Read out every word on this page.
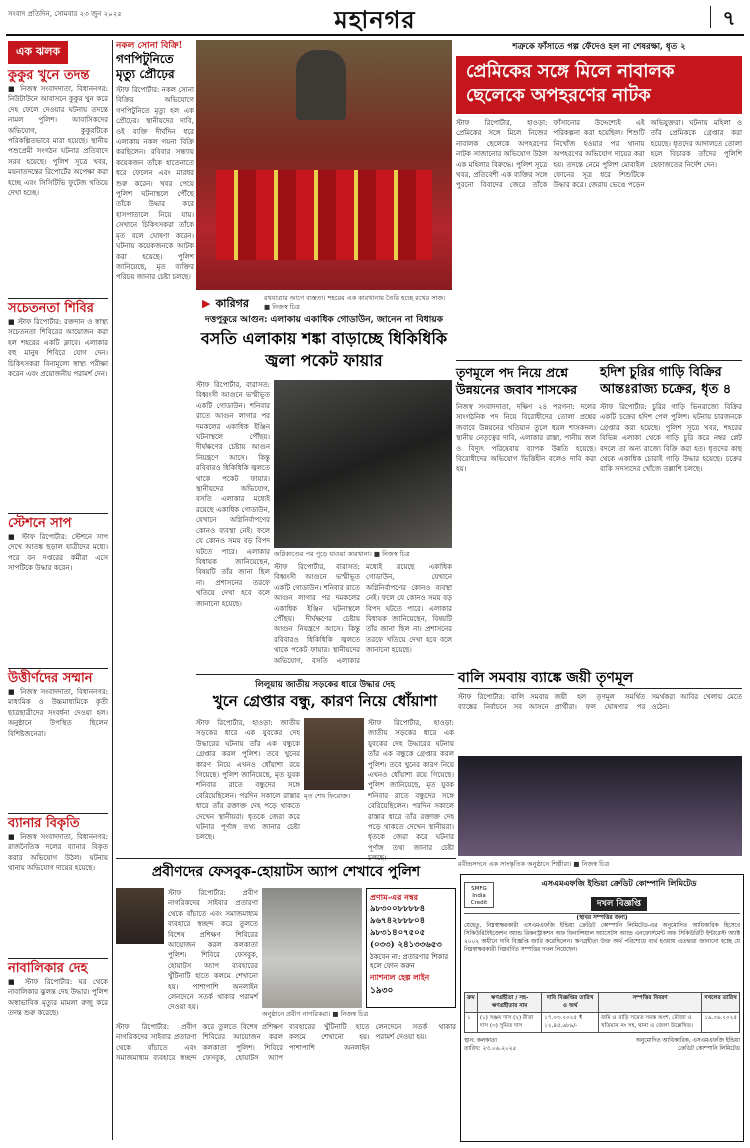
সংবাদ প্রতিদিন, সোমবার ২৩ জুন ২০২৫	মহানগর	৭
এক ঝলক
কুকুর খুনে তদন্ত
■ নিজস্ব সংবাদদাতা, বিধাননগর: নিউটাউনে আবাসনে কুকুর খুন করে দেহ ফেলে দেওয়ার ঘটনায় তদন্তে নামল পুলিশ। আবাসিকদের অভিযোগ, কুকুরটিকে পরিকল্পিতভাবে মারা হয়েছে। স্থানীয় পশুপ্রেমী সংগঠন ঘটনার প্রতিবাদে সরব হয়েছে। পুলিশ সূত্রে খবর, ময়নাতদন্তের রিপোর্টের অপেক্ষা করা হচ্ছে এবং সিসিটিভি ফুটেজ খতিয়ে দেখা হচ্ছে।
সচেতনতা শিবির
■ স্টাফ রিপোর্টার: রক্তদান ও স্বাস্থ্য সচেতনতা শিবিরের আয়োজন করা হল শহরের একটি ক্লাবে। এলাকার বহু মানুষ শিবিরে যোগ দেন। চিকিৎসকরা বিনামূল্যে স্বাস্থ্য পরীক্ষা করেন এবং প্রয়োজনীয় পরামর্শ দেন।
স্টেশনে সাপ
■ স্টাফ রিপোর্টার: স্টেশনে সাপ দেখে আতঙ্ক ছড়াল যাত্রীদের মধ্যে। পরে বন দপ্তরের কর্মীরা এসে সাপটিকে উদ্ধার করেন।
উত্তীর্ণদের সম্মান
■ নিজস্ব সংবাদদাতা, বিধাননগর: মাধ্যমিক ও উচ্চমাধ্যমিকে কৃতী ছাত্রছাত্রীদের সংবর্ধনা দেওয়া হল। অনুষ্ঠানে উপস্থিত ছিলেন বিশিষ্টজনেরা।
ব্যানার বিকৃতি
■ নিজস্ব সংবাদদাতা, বিধাননগর: রাজনৈতিক দলের ব্যানার বিকৃত করার অভিযোগ উঠল। ঘটনায় থানায় অভিযোগ দায়ের হয়েছে।
নাবালিকার দেহ
■ স্টাফ রিপোর্টার: ঘর থেকে নাবালিকার ঝুলন্ত দেহ উদ্ধার। পুলিশ অস্বাভাবিক মৃত্যুর মামলা রুজু করে তদন্ত শুরু করেছে।
নকল সোনা বিক্রি!
গণপিটুনিতে মৃত্যু প্রৌঢ়ের
স্টাফ রিপোর্টার: নকল সোনা বিক্রির অভিযোগে গণপিটুনিতে মৃত্যু হল এক প্রৌঢ়ের। স্থানীয়দের দাবি, ওই ব্যক্তি দীর্ঘদিন ধরে এলাকায় নকল গয়না বিক্রি করছিলেন। রবিবার সন্ধ্যায় কয়েকজন তাঁকে হাতেনাতে ধরে ফেলেন এবং মারধর শুরু করেন। খবর পেয়ে পুলিশ ঘটনাস্থলে পৌঁছে তাঁকে উদ্ধার করে হাসপাতালে নিয়ে যায়। সেখানে চিকিৎসকরা তাঁকে মৃত বলে ঘোষণা করেন। ঘটনায় কয়েকজনকে আটক করা হয়েছে। পুলিশ জানিয়েছে, মৃত ব্যক্তির পরিচয় জানার চেষ্টা চলছে।
▶ কারিগর	রথযাত্রার আগে ব্যস্ততা। শহরের এক কারখানায় তৈরি হচ্ছে রথের সাজ। ■ নিজস্ব চিত্র
দত্তপুকুরে আগুন: এলাকায় একাধিক গোডাউন, জানেন না বিধায়ক
বসতি এলাকায় শঙ্কা বাড়াচ্ছে ধিকিধিকি জ্বলা পকেট ফায়ার
স্টাফ রিপোর্টার, বারাসত: বিধ্বংসী আগুনে ভস্মীভূত একটি গোডাউন। শনিবার রাতে আগুন লাগার পর দমকলের একাধিক ইঞ্জিন ঘটনাস্থলে পৌঁছয়। দীর্ঘক্ষণের চেষ্টায় আগুন নিয়ন্ত্রণে আসে। কিন্তু রবিবারও ধিকিধিকি জ্বলতে থাকে পকেট ফায়ার। স্থানীয়দের অভিযোগ, বসতি এলাকার মধ্যেই রয়েছে একাধিক গোডাউন, যেখানে অগ্নিনির্বাপণের কোনও ব্যবস্থা নেই। ফলে যে কোনও সময় বড় বিপদ ঘটতে পারে। এলাকার বিধায়ক জানিয়েছেন, বিষয়টি তাঁর জানা ছিল না। প্রশাসনের তরফে খতিয়ে দেখা হবে বলে জানানো হয়েছে।
অগ্নিকাণ্ডের পর পুড়ে যাওয়া কারখানা। ■ নিজস্ব চিত্র
স্টাফ রিপোর্টার, বারাসত: বিধ্বংসী আগুনে ভস্মীভূত একটি গোডাউন। শনিবার রাতে আগুন লাগার পর দমকলের একাধিক ইঞ্জিন ঘটনাস্থলে পৌঁছয়। দীর্ঘক্ষণের চেষ্টায় আগুন নিয়ন্ত্রণে আসে। কিন্তু রবিবারও ধিকিধিকি জ্বলতে থাকে পকেট ফায়ার। স্থানীয়দের অভিযোগ, বসতি এলাকার মধ্যেই রয়েছে একাধিক গোডাউন, যেখানে অগ্নিনির্বাপণের কোনও ব্যবস্থা নেই। ফলে যে কোনও সময় বড় বিপদ ঘটতে পারে। এলাকার বিধায়ক জানিয়েছেন, বিষয়টি তাঁর জানা ছিল না। প্রশাসনের তরফে খতিয়ে দেখা হবে বলে জানানো হয়েছে।
শত্রুকে ফাঁসাতে গল্প ফেঁদেও হল না শেষরক্ষা, ধৃত ২
প্রেমিকের সঙ্গে মিলে নাবালক ছেলেকে অপহরণের নাটক
স্টাফ রিপোর্টার, হাওড়া: প্রেমিকের সঙ্গে মিলে নিজের নাবালক ছেলেকে অপহরণের নাটক সাজানোর অভিযোগ উঠল এক মহিলার বিরুদ্ধে। পুলিশ সূত্রে খবর, প্রতিবেশী এক ব্যক্তির সঙ্গে পুরনো বিবাদের জেরে তাঁকে ফাঁসানোর উদ্দেশ্যেই এই পরিকল্পনা করা হয়েছিল। শিশুটি নিখোঁজ হওয়ার পর থানায় অপহরণের অভিযোগ দায়ের করা হয়। তদন্তে নেমে পুলিশ মোবাইল ফোনের সূত্র ধরে শিশুটিকে উদ্ধার করে। জেরায় ভেঙে পড়েন অভিযুক্তরা। ঘটনায় মহিলা ও তাঁর প্রেমিককে গ্রেপ্তার করা হয়েছে। ধৃতদের আদালতে তোলা হলে বিচারক তাঁদের পুলিশি হেফাজতের নির্দেশ দেন।
তৃণমূলে পদ নিয়ে প্রশ্নে উন্নয়নের জবাব শাসকের
নিজস্ব সংবাদদাতা, দক্ষিণ ২৪ পরগনা: দলের সাংগঠনিক পদ নিয়ে বিরোধীদের তোলা প্রশ্নের জবাবে উন্নয়নের খতিয়ান তুলে ধরল শাসকদল। স্থানীয় নেতৃত্বের দাবি, এলাকার রাস্তা, পানীয় জল ও বিদ্যুৎ পরিষেবায় ব্যাপক উন্নতি হয়েছে। বিরোধীদের অভিযোগ ভিত্তিহীন বলেও দাবি করা হয়।
হদিশ চুরির গাড়ি বিক্রির আন্তঃরাজ্য চক্রের, ধৃত ৪
স্টাফ রিপোর্টার: চুরির গাড়ি ভিনরাজ্যে বিক্রির একটি চক্রের হদিশ পেল পুলিশ। ঘটনায় চারজনকে গ্রেপ্তার করা হয়েছে। পুলিশ সূত্রে খবর, শহরের বিভিন্ন এলাকা থেকে গাড়ি চুরি করে নম্বর প্লেট বদলে তা অন্য রাজ্যে বিক্রি করা হত। ধৃতদের কাছ থেকে একাধিক চোরাই গাড়ি উদ্ধার হয়েছে। চক্রের বাকি সদস্যদের খোঁজে তল্লাশি চলছে।
লিলুয়ায় জাতীয় সড়কের ধারে উদ্ধার দেহ
খুনে গ্রেপ্তার বন্ধু, কারণ নিয়ে ধোঁয়াশা
স্টাফ রিপোর্টার, হাওড়া: জাতীয় সড়কের ধারে এক যুবকের দেহ উদ্ধারের ঘটনায় তাঁর এক বন্ধুকে গ্রেপ্তার করল পুলিশ। তবে খুনের কারণ নিয়ে এখনও ধোঁয়াশা রয়ে গিয়েছে। পুলিশ জানিয়েছে, মৃত যুবক শনিবার রাতে বন্ধুদের সঙ্গে বেরিয়েছিলেন। পরদিন সকালে রাস্তার ধারে তাঁর রক্তাক্ত দেহ পড়ে থাকতে দেখেন স্থানীয়রা। ধৃতকে জেরা করে ঘটনার পূর্ণাঙ্গ তথ্য জানার চেষ্টা চলছে।
মৃত শেখ ফিরোজ।
স্টাফ রিপোর্টার, হাওড়া: জাতীয় সড়কের ধারে এক যুবকের দেহ উদ্ধারের ঘটনায় তাঁর এক বন্ধুকে গ্রেপ্তার করল পুলিশ। তবে খুনের কারণ নিয়ে এখনও ধোঁয়াশা রয়ে গিয়েছে। পুলিশ জানিয়েছে, মৃত যুবক শনিবার রাতে বন্ধুদের সঙ্গে বেরিয়েছিলেন। পরদিন সকালে রাস্তার ধারে তাঁর রক্তাক্ত দেহ পড়ে থাকতে দেখেন স্থানীয়রা। ধৃতকে জেরা করে ঘটনার পূর্ণাঙ্গ তথ্য জানার চেষ্টা
বালি সমবায় ব্যাঙ্কে জয়ী তৃণমূল
স্টাফ রিপোর্টার: বালি সমবায় ব্যাঙ্কের নির্বাচনে সব আসনে জয়ী হল তৃণমূল সমর্থিত প্রার্থীরা। ফল ঘোষণার পর সমর্থকরা আবির খেলায় মেতে ওঠেন।
রবীন্দ্রসদনে এক সাংস্কৃতিক অনুষ্ঠানে শিল্পীরা। ■ নিজস্ব চিত্র
প্রবীণদের ফেসবুক-হোয়াটস অ্যাপ শেখাবে পুলিশ
স্টাফ রিপোর্টার: প্রবীণ নাগরিকদের সাইবার প্রতারণা থেকে বাঁচাতে এবং সমাজমাধ্যম ব্যবহারে স্বচ্ছন্দ করে তুলতে বিশেষ প্রশিক্ষণ শিবিরের আয়োজন করল কলকাতা পুলিশ। শিবিরে ফেসবুক, হোয়াটস অ্যাপ ব্যবহারের খুঁটিনাটি হাতে কলমে শেখানো হয়। পাশাপাশি অনলাইন লেনদেনে সতর্ক থাকার পরামর্শ দেওয়া হয়।
অনুষ্ঠানে প্রবীণ নাগরিকরা। ■ নিজস্ব চিত্র
প্রণাম-এর নম্বর
৯৮৩০০৮৮৮৮৪
৯৬৭৪২৮৮৮০৪
৯৮৩১৪০৭৫০৫
(০৩৩) ২৪১৩৩৬৫৩
ঠকবেন না: প্রতারণার শিকার হলে ফোন করুন
ন্যাশনাল হেল্প লাইন
১৯৩০
স্টাফ রিপোর্টার: প্রবীণ নাগরিকদের সাইবার প্রতারণা থেকে বাঁচাতে এবং সমাজমাধ্যম ব্যবহারে স্বচ্ছন্দ করে তুলতে বিশেষ প্রশিক্ষণ শিবিরের আয়োজন করল কলকাতা পুলিশ। শিবিরে ফেসবুক, হোয়াটস অ্যাপ ব্যবহারের খুঁটিনাটি হাতে কলমে শেখানো হয়। পাশাপাশি অনলাইন লেনদেনে সতর্ক থাকার পরামর্শ দেওয়া হয়।
SMFG India Credit
এসএমএফজি ইন্ডিয়া ক্রেডিট কোম্পানি লিমিটেড
দখল বিজ্ঞপ্তি
(স্থাবর সম্পত্তির জন্য)
যেহেতু, নিম্নস্বাক্ষরকারী এসএমএফজি ইন্ডিয়া ক্রেডিট কোম্পানি লিমিটেড-এর অনুমোদিত আধিকারিক হিসেবে সিকিউরিটাইজেশন অ্যান্ড রিকনস্ট্রাকশন অফ ফিনান্সিয়াল অ্যাসেটস অ্যান্ড এনফোর্সমেন্ট অফ সিকিউরিটি ইন্টারেস্ট অ্যাক্ট ২০০২ অধীনে দাবি বিজ্ঞপ্তি জারি করেছিলেন। ঋণগ্রহীতা উক্ত অর্থ পরিশোধে ব্যর্থ হওয়ায় এতদ্বারা জানানো হচ্ছে যে নিম্নস্বাক্ষরকারী নিম্নবর্ণিত সম্পত্তির দখল নিয়েছেন।
ক্রম	ঋণগ্রহীতা / সহ-ঋণগ্রহীতার নাম	দাবি বিজ্ঞপ্তির তারিখ ও অর্থ	সম্পত্তির বিবরণ	দখলের তারিখ
১	(১) সঞ্জয় দাস (২) রীতা দাস (৩) সুমিত দাস	১৭.০৩.২০২৫ ₹ ১২,৪৫,৬৮৯/-	জমি ও বাড়ি সমেত সমস্ত অংশ, মৌজা ও খতিয়ান নং সহ, থানা ও জেলা উল্লেখিত।	১৯.০৬.২০২৫
স্থান: কলকাতা
তারিখ: ২৩.০৬.২০২৫
অনুমোদিত আধিকারিক, এসএমএফজি ইন্ডিয়া ক্রেডিট কোম্পানি লিমিটেড
